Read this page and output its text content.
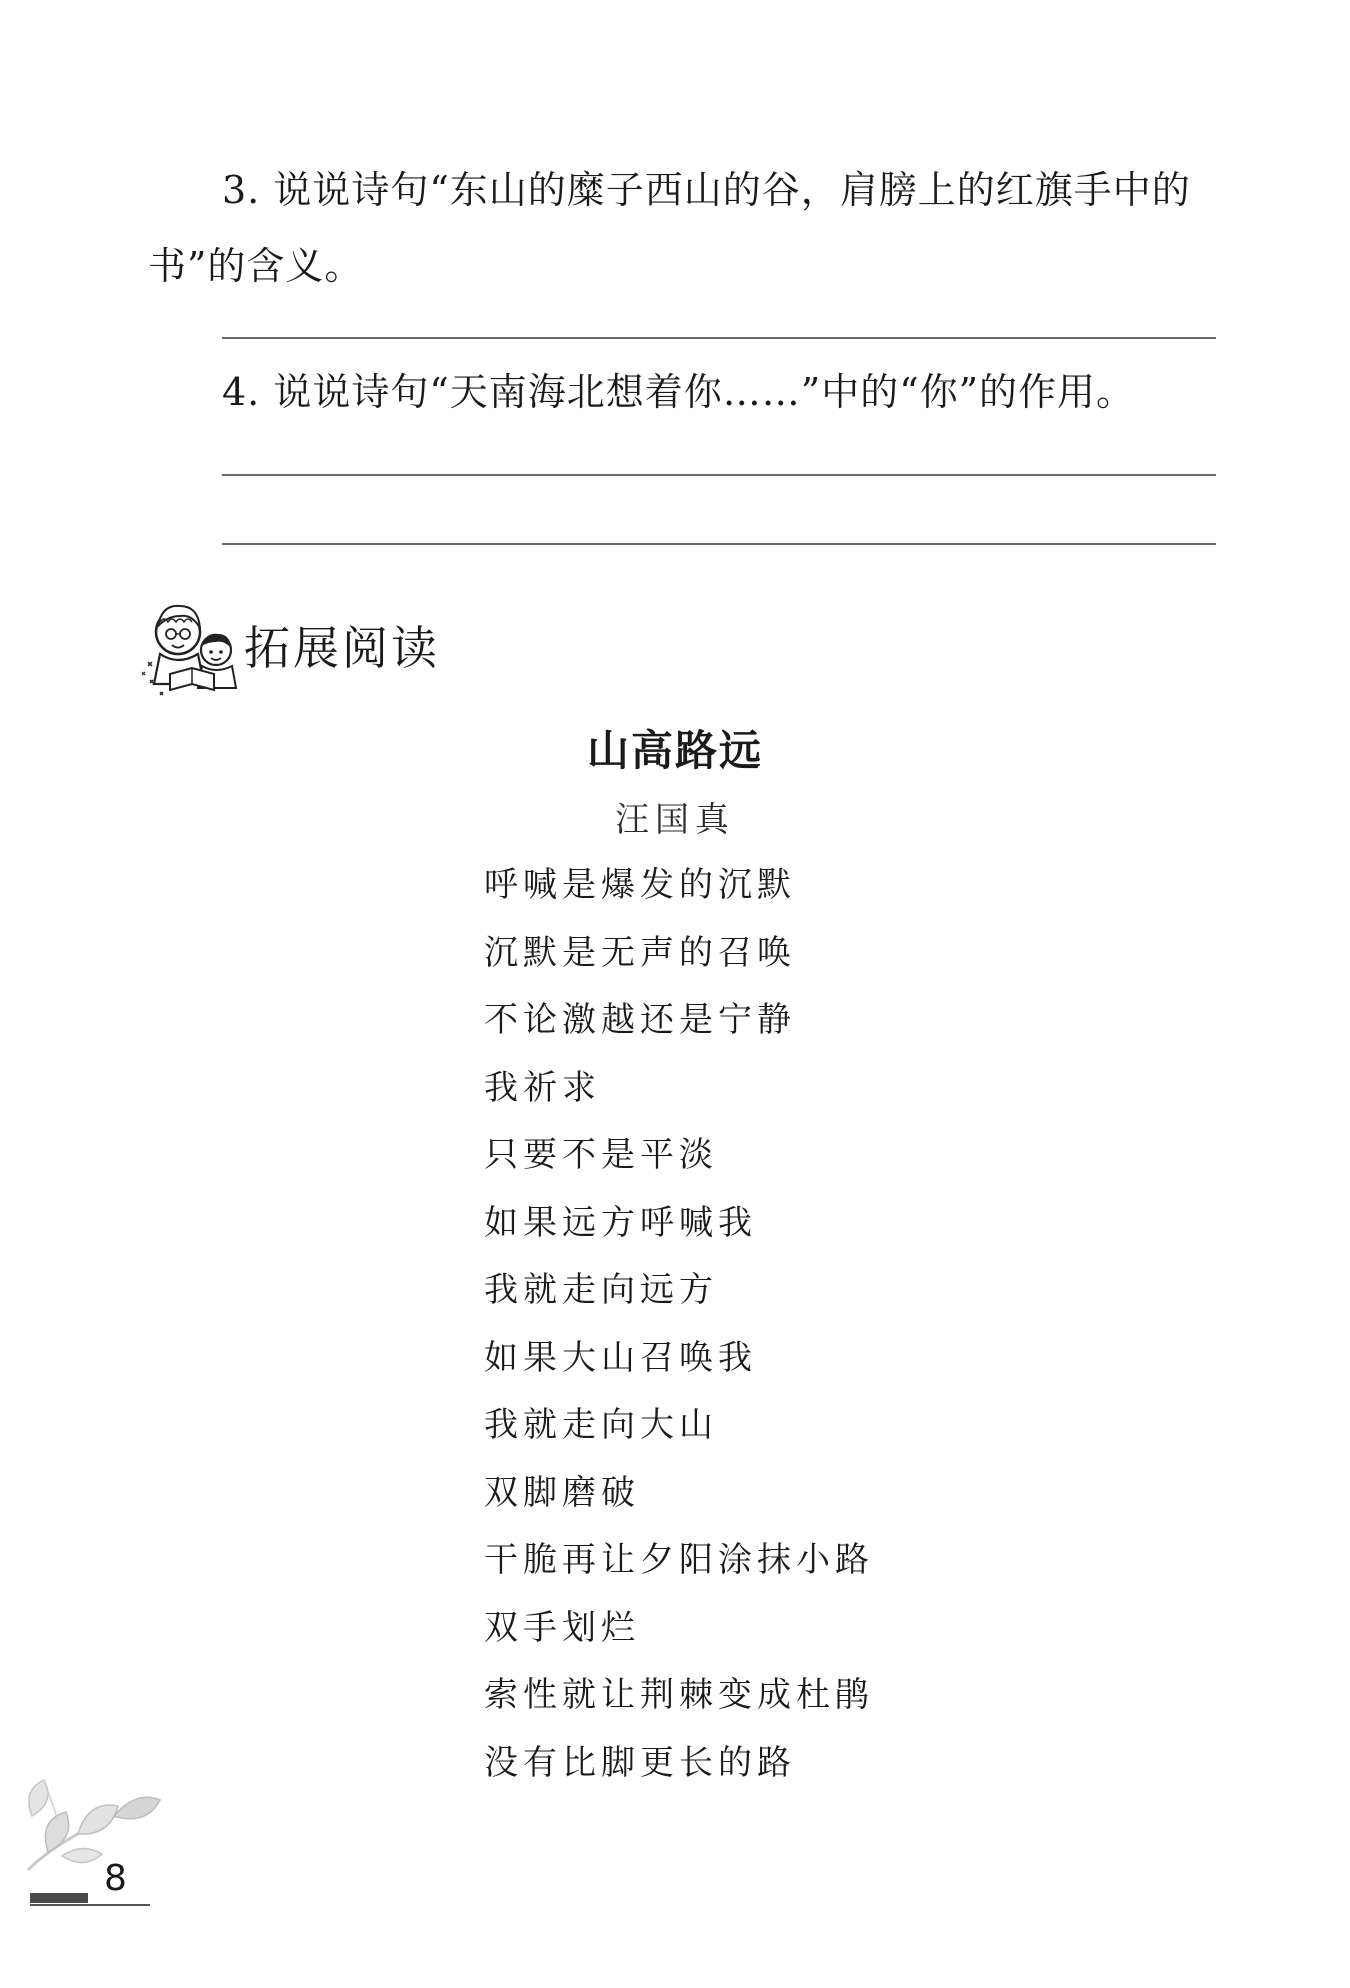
3. 说说诗句“东山的糜子西山的谷，肩膀上的红旗手中的书”的含义。
4. 说说诗句“天南海北想着你……”中的“你”的作用。
拓展阅读
山高路远
汪国真
呼喊是爆发的沉默
沉默是无声的召唤
不论激越还是宁静
我祈求
只要不是平淡
如果远方呼喊我
我就走向远方
如果大山召唤我
我就走向大山
双脚磨破
干脆再让夕阳涂抹小路
双手划烂
索性就让荆棘变成杜鹃
没有比脚更长的路
8
